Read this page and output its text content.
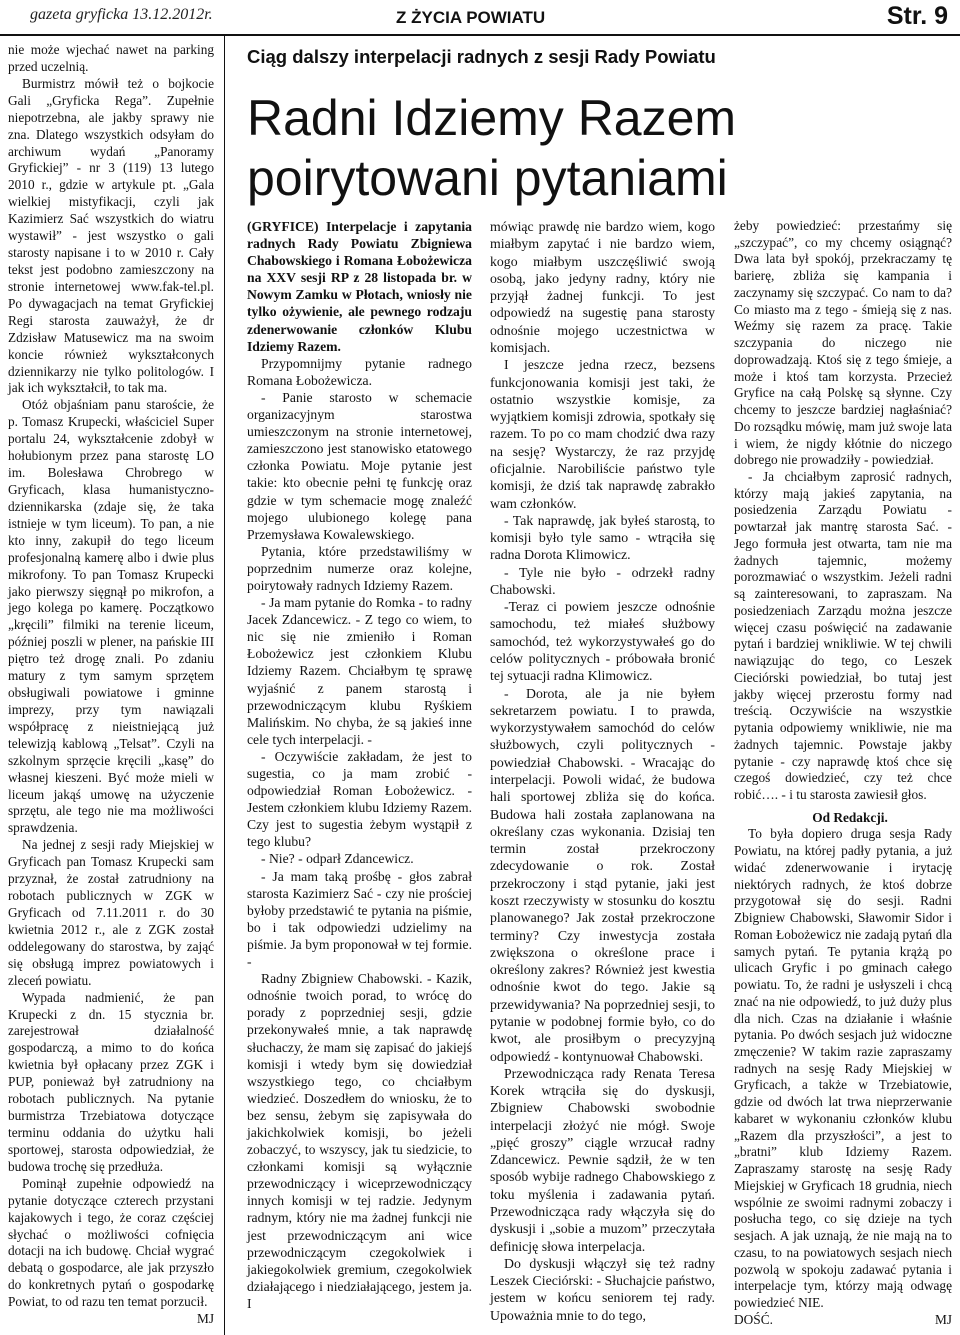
gazeta gryficka 13.12.2012r.	Z ŻYCIA POWIATU	Str. 9

nie może wjechać nawet na parking przed uczelnią.

Burmistrz mówił też o bojkocie Gali „Gryficka Rega”. Zupełnie niepotrzebna, ale jakby sprawy nie zna. Dlatego wszystkich odsyłam do archiwum wydań „Panoramy Gryfickiej” - nr 3 (119) 13 lutego 2010 r., gdzie w artykule pt. „Gala wielkiej mistyfikacji, czyli jak Kazimierz Sać wszystkich do wiatru wystawił” - jest wszystko o gali starosty napisane i to w 2010 r. Cały tekst jest podobno zamieszczony na stronie internetowej www.fak-tel.pl. Po dywagacjach na temat Gryfickiej Regi starosta zauważył, że dr Zdzisław Matusewicz ma na swoim koncie również wykształconych dziennikarzy nie tylko politologów. I jak ich wykształcił, to tak ma.

Otóż objaśniam panu staroście, że p. Tomasz Krupecki, właściciel Super portalu 24, wykształcenie zdobył w hołubionym przez pana starostę LO im. Bolesława Chrobrego w Gryficach, klasa humanistyczno-dziennikarska (zdaje się, że taka istnieje w tym liceum). To pan, a nie kto inny, zakupił do tego liceum profesjonalną kamerę albo i dwie plus mikrofony. To pan Tomasz Krupecki jako pierwszy sięgnął po mikrofon, a jego kolega po kamerę. Początkowo „kręcili” filmiki na terenie liceum, później poszli w plener, na pańskie III piętro też drogę znali. Po zdaniu matury z tym samym sprzętem obsługiwali powiatowe i gminne imprezy, przy tym nawiązali współpracę z nieistniejącą już telewizją kablową „Telsat”. Czyli na szkolnym sprzęcie kręcili „kasę” do własnej kieszeni. Być może mieli w liceum jakąś umowę na użyczenie sprzętu, ale tego nie ma możliwości sprawdzenia.

Na jednej z sesji rady Miejskiej w Gryficach pan Tomasz Krupecki sam przyznał, że został zatrudniony na robotach publicznych w ZGK w Gryficach od 7.11.2011 r. do 30 kwietnia 2012 r., ale z ZGK został oddelegowany do starostwa, by zająć się obsługą imprez powiatowych i zleceń powiatu.

Wypada nadmienić, że pan Krupecki z dn. 15 stycznia br. zarejestrował działalność gospodarczą, a mimo to do końca kwietnia był opłacany przez ZGK i PUP, ponieważ był zatrudniony na robotach publicznych. Na pytanie burmistrza Trzebiatowa dotyczące terminu oddania do użytku hali sportowej, starosta odpowiedział, że budowa trochę się przedłuża.

Pominął zupełnie odpowiedź na pytanie dotyczące czterech przystani kajakowych i tego, że coraz częściej słychać o możliwości cofnięcia dotacji na ich budowę. Chciał wygrać debatą o gospodarce, ale jak przyszło do konkretnych pytań o gospodarkę Powiat, to od razu ten temat porzucił.

MJ

Ciąg dalszy interpelacji radnych z sesji Rady Powiatu
Radni Idziemy Razem
poirytowani pytaniami

(GRYFICE) Interpelacje i zapytania radnych Rady Powiatu Zbigniewa Chabowskiego i Romana Łobożewicza na XXV sesji RP z 28 listopada br. w Nowym Zamku w Płotach, wniosły nie tylko ożywienie, ale pewnego rodzaju zdenerwowanie członków Klubu Idziemy Razem.

Przypomnijmy pytanie radnego Romana Łobożewicza.

- Panie starosto w schemacie organizacyjnym starostwa umieszczonym na stronie internetowej, zamieszczono jest stanowisko etatowego członka Powiatu. Moje pytanie jest takie: kto obecnie pełni tę funkcję oraz gdzie w tym schemacie mogę znaleźć mojego ulubionego kolegę pana Przemysława Kowalewskiego.

Pytania, które przedstawiliśmy w poprzednim numerze oraz kolejne, poirytowały radnych Idziemy Razem.

- Ja mam pytanie do Romka - to radny Jacek Zdancewicz. - Z tego co wiem, to nic się nie zmieniło i Roman Łobożewicz jest członkiem Klubu Idziemy Razem. Chciałbym tę sprawę wyjaśnić z panem starostą i przewodniczącym klubu Ryśkiem Malińskim. No chyba, że są jakieś inne cele tych interpelacji. -

- Oczywiście zakładam, że jest to sugestia, co ja mam zrobić - odpowiedział Roman Łobożewicz. - Jestem członkiem klubu Idziemy Razem. Czy jest to sugestia żebym wystąpił z tego klubu?

- Nie? - odparł Zdancewicz.

- Ja mam taką prośbę - głos zabrał starosta Kazimierz Sać - czy nie prościej byłoby przedstawić te pytania na piśmie, bo i tak odpowiedzi udzielimy na piśmie. Ja bym proponował w tej formie. -

Radny Zbigniew Chabowski. - Kazik, odnośnie twoich porad, to wrócę do porady z poprzedniej sesji, gdzie przekonywałeś mnie, a tak naprawdę słuchaczy, że mam się zapisać do jakiejś komisji i wtedy bym się dowiedział wszystkiego tego, co chciałbym wiedzieć. Doszedłem do wniosku, że to bez sensu, żebym się zapisywała do jakichkolwiek komisji, bo jeżeli zobaczyć, to wszyscy, jak tu siedzicie, to członkami komisji są wyłącznie przewodniczący i wiceprzewodniczący innych komisji w tej radzie. Jedynym radnym, który nie ma żadnej funkcji nie jest przewodniczącym ani wice przewodniczącym czegokolwiek i jakiegokolwiek gremium, czegokolwiek działającego i niedziałającego, jestem ja. I

mówiąc prawdę nie bardzo wiem, kogo miałbym zapytać i nie bardzo wiem, kogo miałbym uszczęśliwić swoją osobą, jako jedyny radny, który nie przyjął żadnej funkcji. To jest odpowiedź na sugestię pana starosty odnośnie mojego uczestnictwa w komisjach.

I jeszcze jedna rzecz, bezsens funkcjonowania komisji jest taki, że ostatnio wszystkie komisje, za wyjątkiem komisji zdrowia, spotkały się razem. To po co mam chodzić dwa razy na sesję? Wystarczy, że raz przyjdę oficjalnie. Narobiliście państwo tyle komisji, że dziś tak naprawdę zabrakło wam członków.

- Tak naprawdę, jak byłeś starostą, to komisji było tyle samo - wtrąciła się radna Dorota Klimowicz.

- Tyle nie było - odrzekł radny Chabowski.

-Teraz ci powiem jeszcze odnośnie samochodu, też miałeś służbowy samochód, też wykorzystywałeś go do celów politycznych - próbowała bronić tej sytuacji radna Klimowicz.

- Dorota, ale ja nie byłem sekretarzem powiatu. I to prawda, wykorzystywałem samochód do celów służbowych, czyli politycznych - powiedział Chabowski. - Wracając do interpelacji. Powoli widać, że budowa hali sportowej zbliża się do końca. Budowa hali została zaplanowana na określany czas wykonania. Dzisiaj ten termin został przekroczony zdecydowanie o rok. Został przekroczony i stąd pytanie, jaki jest koszt rzeczywisty w stosunku do kosztu planowanego? Jak został przekroczone terminy? Czy inwestycja została zwiększona o określone prace i określony zakres? Również jest kwestia odnośnie kwot do tego. Jakie są przewidywania? Na poprzedniej sesji, to pytanie w podobnej formie było, co do kwot, ale prosiłbym o precyzyjną odpowiedź - kontynuował Chabowski.

Przewodnicząca rady Renata Teresa Korek wtrąciła się do dyskusji, Zbigniew Chabowski swobodnie interpelacji złożyć nie mógł. Swoje „pięć groszy” ciągle wrzucał radny Zdancewicz. Pewnie sądził, że w ten sposób wybije radnego Chabowskiego z toku myślenia i zadawania pytań. Przewodnicząca rady włączyła się do dyskusji i „sobie a muzom” przeczytała definicję słowa interpelacja.

Do dyskusji włączył się też radny Leszek Cieciórski: - Słuchajcie państwo, jestem w końcu seniorem tej rady. Upoważnia mnie to do tego,

żeby powiedzieć: przestańmy się „szczypać”, co my chcemy osiągnąć? Dwa lata był spokój, przekraczamy tę barierę, zbliża się kampania i zaczynamy się szczypać. Co nam to da? Co miasto ma z tego - śmieją się z nas. Weźmy się razem za pracę. Takie szczypania do niczego nie doprowadzają. Ktoś się z tego śmieje, a może i ktoś tam korzysta. Przecież Gryfice na całą Polskę są słynne. Czy chcemy to jeszcze bardziej nagłaśniać? Do rozsądku mówię, mam już swoje lata i wiem, że nigdy kłótnie do niczego dobrego nie prowadziły - powiedział.

- Ja chciałbym zaprosić radnych, którzy mają jakieś zapytania, na posiedzenia Zarządu Powiatu - powtarzał jak mantrę starosta Sać. - Jego formuła jest otwarta, tam nie ma żadnych tajemnic, możemy porozmawiać o wszystkim. Jeżeli radni są zainteresowani, to zapraszam. Na posiedzeniach Zarządu można jeszcze więcej czasu poświęcić na zadawanie pytań i bardziej wnikliwie. W tej chwili nawiązując do tego, co Leszek Cieciórski powiedział, bo tutaj jest jakby więcej przerostu formy nad treścią. Oczywiście na wszystkie pytania odpowiemy wnikliwie, nie ma żadnych tajemnic. Powstaje jakby pytanie - czy naprawdę ktoś chce się czegoś dowiedzieć, czy też chce robić…. - i tu starosta zawiesił głos.

Od Redakcji.

To była dopiero druga sesja Rady Powiatu, na której padły pytania, a już widać zdenerwowanie i irytację niektórych radnych, że ktoś dobrze przygotował się do sesji. Radni Zbigniew Chabowski, Sławomir Sidor i Roman Łobożewicz nie zadają pytań dla samych pytań. Te pytania krążą po ulicach Gryfic i po gminach całego powiatu. To, że radni je usłyszeli i chcą znać na nie odpowiedź, to już duży plus dla nich. Czas na działanie i właśnie pytania. Po dwóch sesjach już widoczne zmęczenie? W takim razie zapraszamy radnych na sesję Rady Miejskiej w Gryficach, a także w Trzebiatowie, gdzie od dwóch lat trwa nieprzerwanie kabaret w wykonaniu członków klubu „Razem dla przyszłości”, a jest to „bratni” klub Idziemy Razem. Zapraszamy starostę na sesję Rady Miejskiej w Gryficach 18 grudnia, niech wspólnie ze swoimi radnymi zobaczy i posłucha tego, co się dzieje na tych sesjach. A jak uznają, że nie mają na to czasu, to na powiatowych sesjach niech pozwolą w spokoju zadawać pytania i interpelacje tym, którzy mają odwagę powiedzieć NIE.

DOŚĆ.	MJ
